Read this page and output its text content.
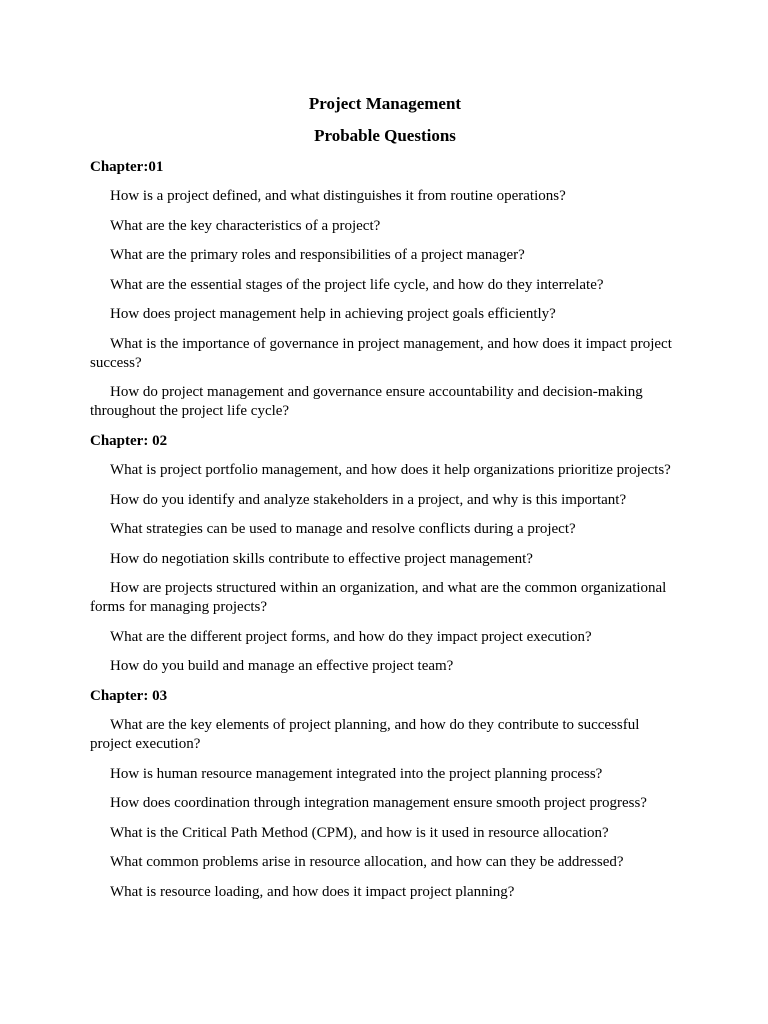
Project Management
Probable Questions
Chapter:01
How is a project defined, and what distinguishes it from routine operations?
What are the key characteristics of a project?
What are the primary roles and responsibilities of a project manager?
What are the essential stages of the project life cycle, and how do they interrelate?
How does project management help in achieving project goals efficiently?
What is the importance of governance in project management, and how does it impact project success?
How do project management and governance ensure accountability and decision-making throughout the project life cycle?
Chapter: 02
What is project portfolio management, and how does it help organizations prioritize projects?
How do you identify and analyze stakeholders in a project, and why is this important?
What strategies can be used to manage and resolve conflicts during a project?
How do negotiation skills contribute to effective project management?
How are projects structured within an organization, and what are the common organizational forms for managing projects?
What are the different project forms, and how do they impact project execution?
How do you build and manage an effective project team?
Chapter: 03
What are the key elements of project planning, and how do they contribute to successful project execution?
How is human resource management integrated into the project planning process?
How does coordination through integration management ensure smooth project progress?
What is the Critical Path Method (CPM), and how is it used in resource allocation?
What common problems arise in resource allocation, and how can they be addressed?
What is resource loading, and how does it impact project planning?
